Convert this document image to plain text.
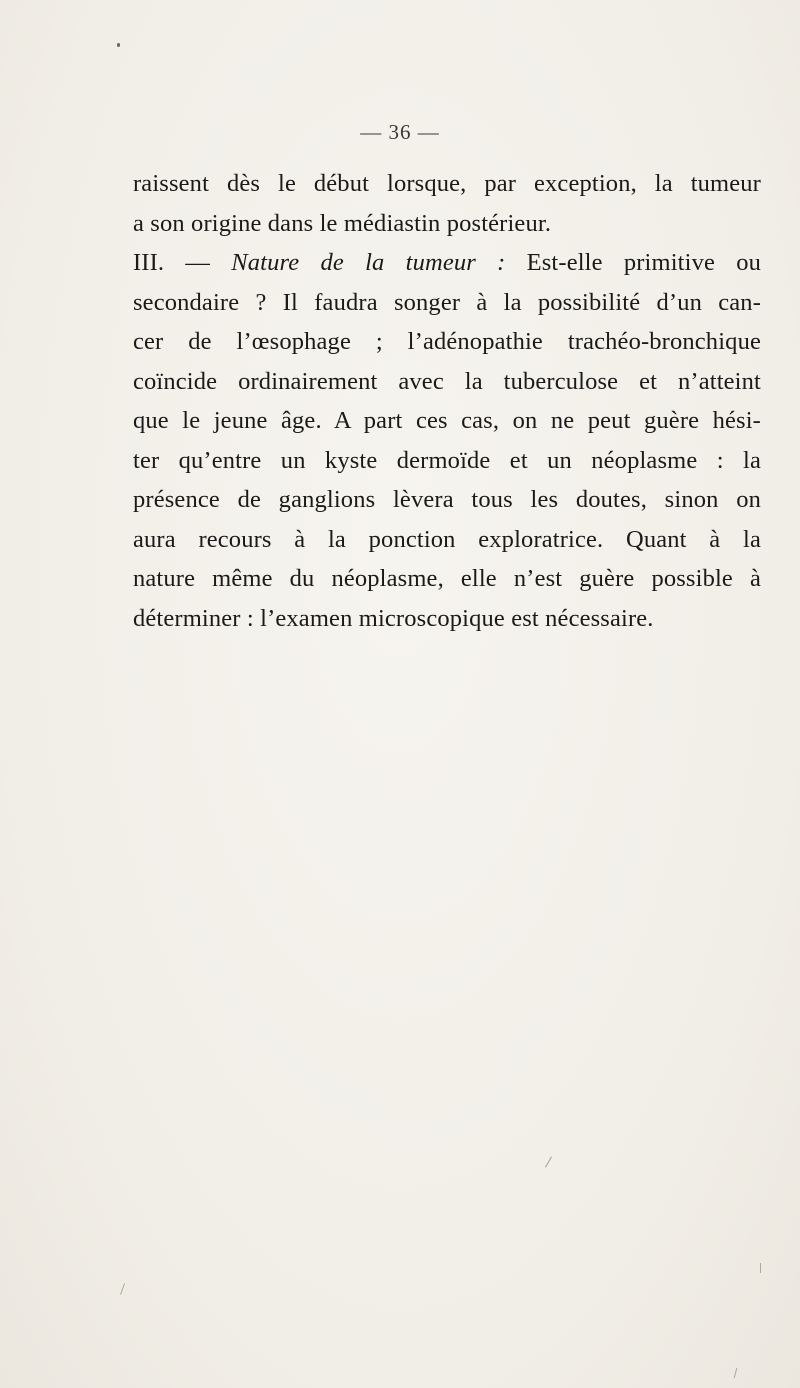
— 36 —
raissent dès le début lorsque, par exception, la tumeur
a son origine dans le médiastin postérieur.
III. — Nature de la tumeur : Est-elle primitive ou
secondaire ? Il faudra songer à la possibilité d’un can-
cer de l’œsophage ; l’adénopathie trachéo-bronchique
coïncide ordinairement avec la tuberculose et n’atteint
que le jeune âge. A part ces cas, on ne peut guère hési-
ter qu’entre un kyste dermoïde et un néoplasme : la
présence de ganglions lèvera tous les doutes, sinon on
aura recours à la ponction exploratrice. Quant à la
nature même du néoplasme, elle n’est guère possible à
déterminer : l’examen microscopique est nécessaire.
